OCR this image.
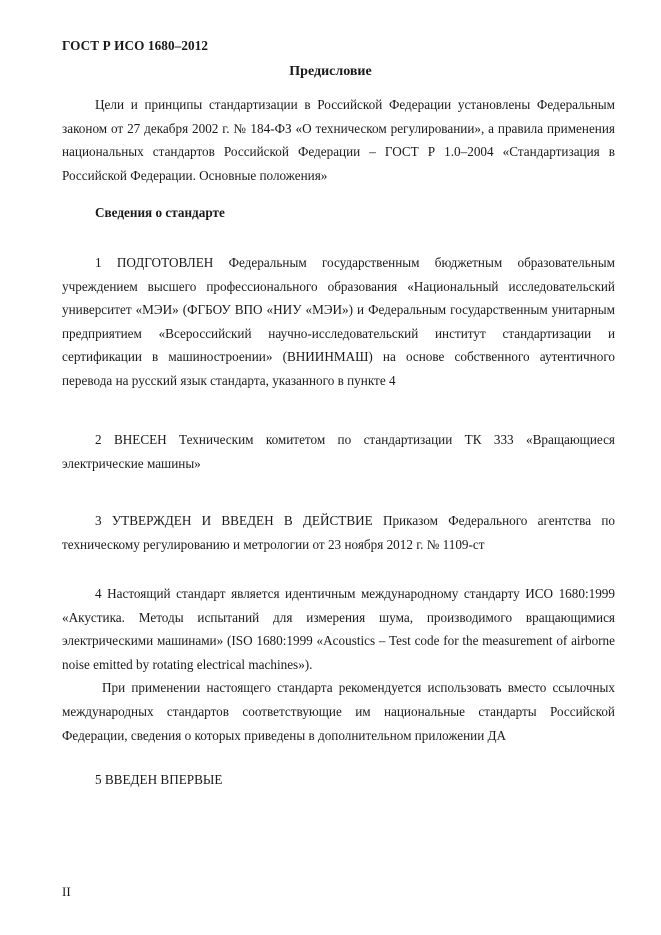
ГОСТ Р ИСО 1680–2012
Предисловие

Цели и принципы стандартизации в Российской Федерации установлены Федеральным законом от 27 декабря 2002 г. № 184-ФЗ «О техническом регулировании», а правила применения национальных стандартов Российской Федерации – ГОСТ Р 1.0–2004 «Стандартизация в Российской Федерации. Основные положения»

Сведения о стандарте

1 ПОДГОТОВЛЕН Федеральным государственным бюджетным образовательным учреждением высшего профессионального образования «Национальный исследовательский университет «МЭИ» (ФГБОУ ВПО «НИУ «МЭИ») и Федеральным государственным унитарным предприятием «Всероссийский научно-исследовательский институт стандартизации и сертификации в машиностроении» (ВНИИНМАШ) на основе собственного аутентичного перевода на русский язык стандарта, указанного в пункте 4

2 ВНЕСЕН Техническим комитетом по стандартизации ТК 333 «Вращающиеся электрические машины»

3 УТВЕРЖДЕН И ВВЕДЕН В ДЕЙСТВИЕ Приказом Федерального агентства по техническому регулированию и метрологии от 23 ноября 2012 г. № 1109-ст

4 Настоящий стандарт является идентичным международному стандарту ИСО 1680:1999 «Акустика. Методы испытаний для измерения шума, производимого вращающимися электрическими машинами» (ISO 1680:1999 «Acoustics – Test code for the measurement of airborne noise emitted by rotating electrical machines»).

При применении настоящего стандарта рекомендуется использовать вместо ссылочных международных стандартов соответствующие им национальные стандарты Российской Федерации, сведения о которых приведены в дополнительном приложении ДА

5 ВВЕДЕН ВПЕРВЫЕ

II
